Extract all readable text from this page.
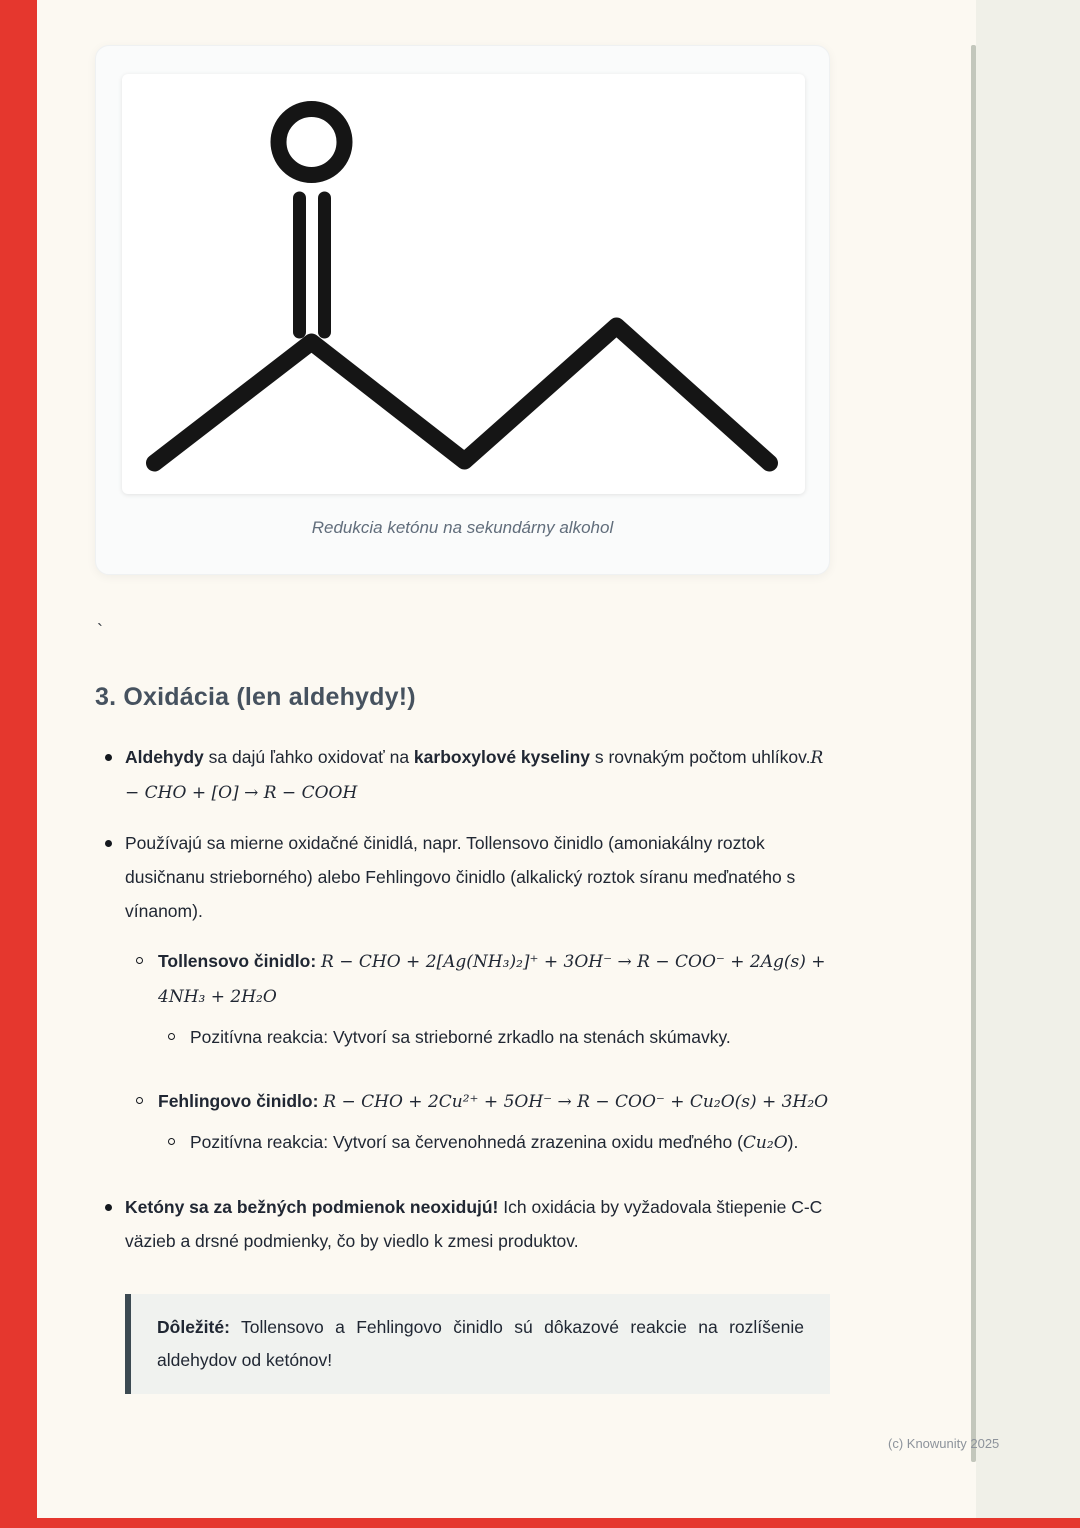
Redukcia ketónu na sekundárny alkohol
`
3. Oxidácia (len aldehydy!)
Aldehydy sa dajú ľahko oxidovať na karboxylové kyseliny s rovnakým počtom uhlíkov.R − CHO + [O] → R − COOH
Používajú sa mierne oxidačné činidlá, napr. Tollensovo činidlo (amoniakálny roztok dusičnanu strieborného) alebo Fehlingovo činidlo (alkalický roztok síranu meďnatého s vínanom).
Tollensovo činidlo: R − CHO + 2[Ag(NH₃)₂]⁺ + 3OH⁻ → R − COO⁻ + 2Ag(s) + 4NH₃ + 2H₂O
Pozitívna reakcia: Vytvorí sa strieborné zrkadlo na stenách skúmavky.
Fehlingovo činidlo: R − CHO + 2Cu²⁺ + 5OH⁻ → R − COO⁻ + Cu₂O(s) + 3H₂O
Pozitívna reakcia: Vytvorí sa červenohnedá zrazenina oxidu meďného (Cu₂O).
Ketóny sa za bežných podmienok neoxidujú! Ich oxidácia by vyžadovala štiepenie C-C väzieb a drsné podmienky, čo by viedlo k zmesi produktov.
Dôležité: Tollensovo a Fehlingovo činidlo sú dôkazové reakcie na rozlíšenie aldehydov od ketónov!
(c) Knowunity 2025
